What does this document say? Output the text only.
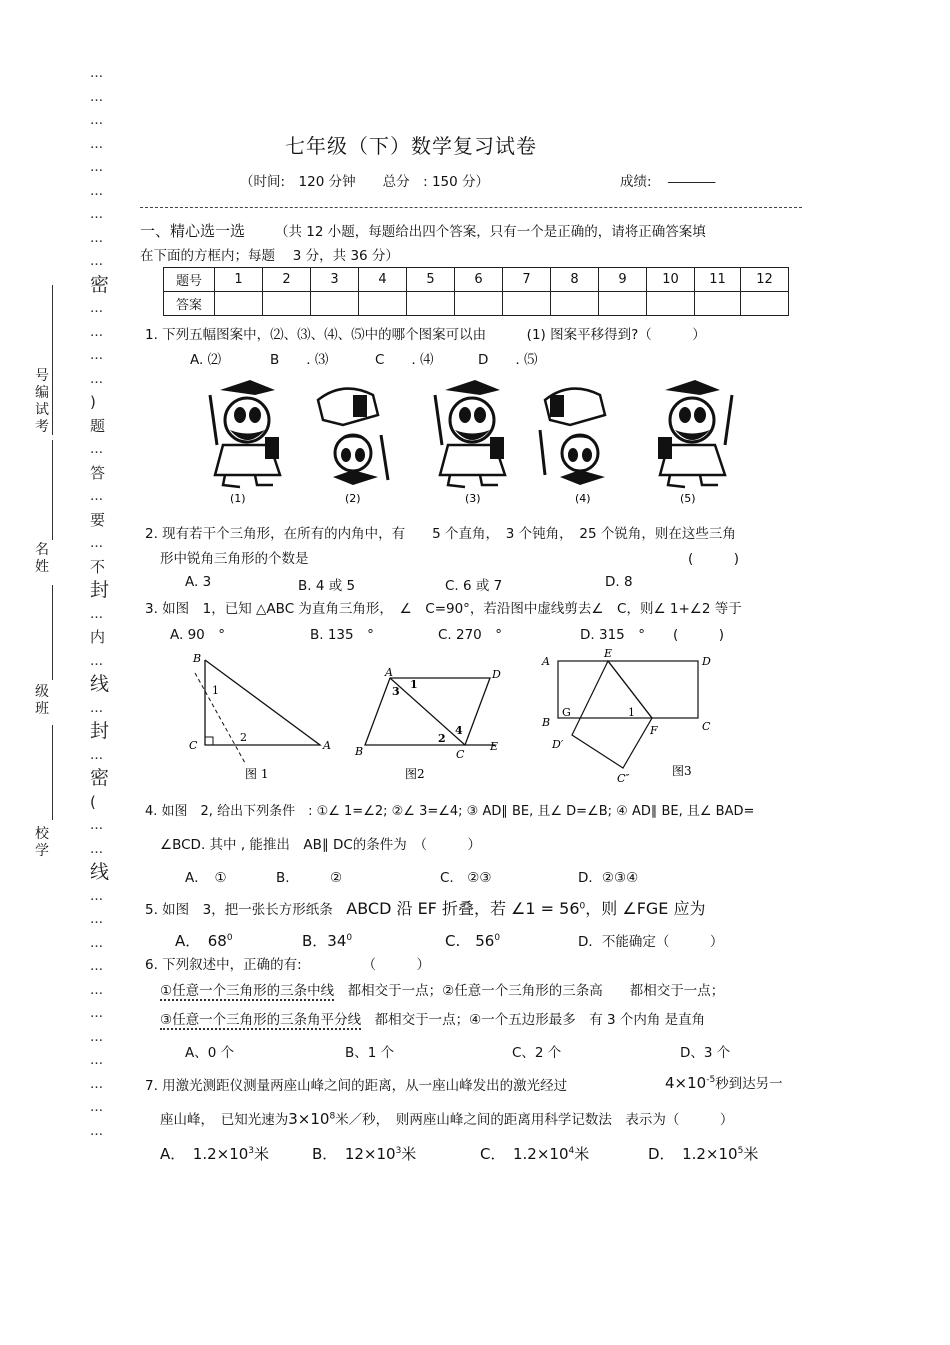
…
…
…
…
…
…
…
…
…
密
…
…
…
…
)
题
…
答
…
要
…
不
封
…
内
…
线
…
封
…
密
(
…
…
线
…
…
…
…
…
…
…
…
…
…
…
号编试考
名姓
级班
校学
七年级（下）数学复习试卷
（时间:　120 分钟　　总分　: 150 分）	成绩: _______
一、精心选一选 （共 12 小题，每题给出四个答案，只有一个是正确的，请将正确答案填
在下面的方框内；每题　 3 分，共 36 分）
题号	1	2	3	4	5	6	7	8	9	10	11	12
答案												
1. 下列五幅图案中，⑵、⑶、⑷、⑸中的哪个图案可以由　　　(1) 图案平移得到?（　　　）
A. ⑵	B　　. ⑶	C　　. ⑷	D　　. ⑸
(1)	(2)	(3)	(4)	(5)
2. 现有若干个三角形，在所有的内角中，有　　5 个直角，　3 个钝角，　25 个锐角，则在这些三角
形中锐角三角形的个数是	(　　　)
A. 3	B. 4 或 5	C. 6 或 7	D. 8
3. 如图　1，已知 △ABC 为直角三角形，　∠　C=90°，若沿图中虚线剪去∠　C，则∠ 1+∠2 等于
A. 90　°	B. 135　°	C. 270　°	D. 315　° (　　　)
B
C	A
1
2
图 1
A	D
B	C
E
1
2
3
4
图2
A
E
D
B
G
C
1
F
D′
C″
图3
4. 如图　2, 给出下列条件　: ①∠ 1=∠2; ②∠ 3=∠4; ③ AD∥ BE, 且∠ D=∠B; ④ AD∥ BE, 且∠ BAD=
∠BCD. 其中 , 能推出　AB∥ DC的条件为　（　　　）
A．　①	B.　　　②	C.　②③	D．②③④
5. 如图　3，把一张长方形纸条　ABCD 沿 EF 折叠，若 ∠1 = $56^0$，则 ∠FGE 应为
A．　$68^0$	B．$34^0$	C.　$56^0$	D．不能确定（　　　）
6. 下列叙述中，正确的有:　　　　　（　　　）
①任意一个三角形的三条中线　都相交于一点；②任意一个三角形的三条高　　都相交于一点；
③任意一个三角形的三条角平分线　都相交于一点；④一个五边形最多　有 3 个内角 是直角
A、0 个	B、1 个	C、2 个	D、3 个
7. 用激光测距仪测量两座山峰之间的距离，从一座山峰发出的激光经过	$4\times 10^{-5}$秒到达另一
座山峰，　已知光速为$3\times 10^8$米／秒，　则两座山峰之间的距离用科学记数法　表示为（　　　）
A．　 $1.2\times 10^3$米	B．　 $12\times 10^3$米	C．　 $1.2\times 10^4$米	D．　 $1.2\times 10^5$米
